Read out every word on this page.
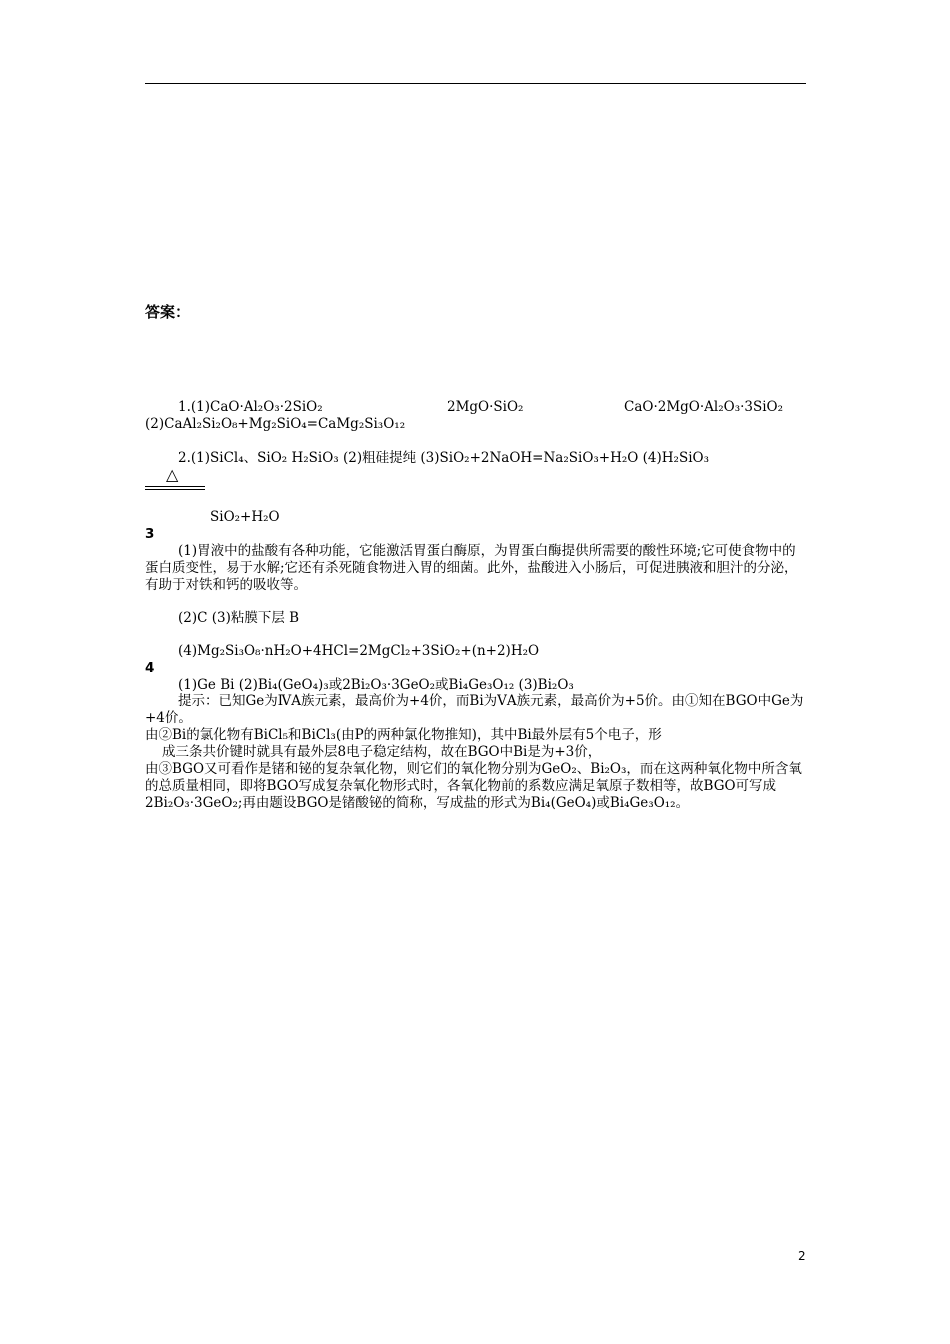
答案：
1.(1)CaO·Al₂O₃·2SiO₂	2MgO·SiO₂	CaO·2MgO·Al₂O₃·3SiO₂
(2)CaAl₂Si₂O₈+Mg₂SiO₄=CaMg₂Si₃O₁₂
2.(1)SiCl₄、SiO₂ H₂SiO₃ (2)粗硅提纯 (3)SiO₂+2NaOH=Na₂SiO₃+H₂O (4)H₂SiO₃
△
SiO₂+H₂O
3
(1)胃液中的盐酸有各种功能，它能激活胃蛋白酶原，为胃蛋白酶提供所需要的酸性环境;它可使食物中的蛋白质变性，易于水解;它还有杀死随食物进入胃的细菌。此外，盐酸进入小肠后，可促进胰液和胆汁的分泌，有助于对铁和钙的吸收等。
(2)C (3)粘膜下层 B
(4)Mg₂Si₃O₈·nH₂O+4HCl=2MgCl₂+3SiO₂+(n+2)H₂O
4
(1)Ge Bi (2)Bi₄(GeO₄)₃或2Bi₂O₃·3GeO₂或Bi₄Ge₃O₁₂ (3)Bi₂O₃
提示：已知Ge为ⅣA族元素，最高价为+4价，而Bi为ⅤA族元素，最高价为+5价。由①知在BGO中Ge为+4价。
由②Bi的氯化物有BiCl₅和BiCl₃(由P的两种氯化物推知)，其中Bi最外层有5个电子，形
成三条共价键时就具有最外层8电子稳定结构，故在BGO中Bi是为+3价，
由③BGO又可看作是锗和铋的复杂氧化物，则它们的氧化物分别为GeO₂、Bi₂O₃，而在这两种氧化物中所含氧的总质量相同，即将BGO写成复杂氧化物形式时，各氧化物前的系数应满足氧原子数相等，故BGO可写成2Bi₂O₃·3GeO₂;再由题设BGO是锗酸铋的简称，写成盐的形式为Bi₄(GeO₄)或Bi₄Ge₃O₁₂。
2
